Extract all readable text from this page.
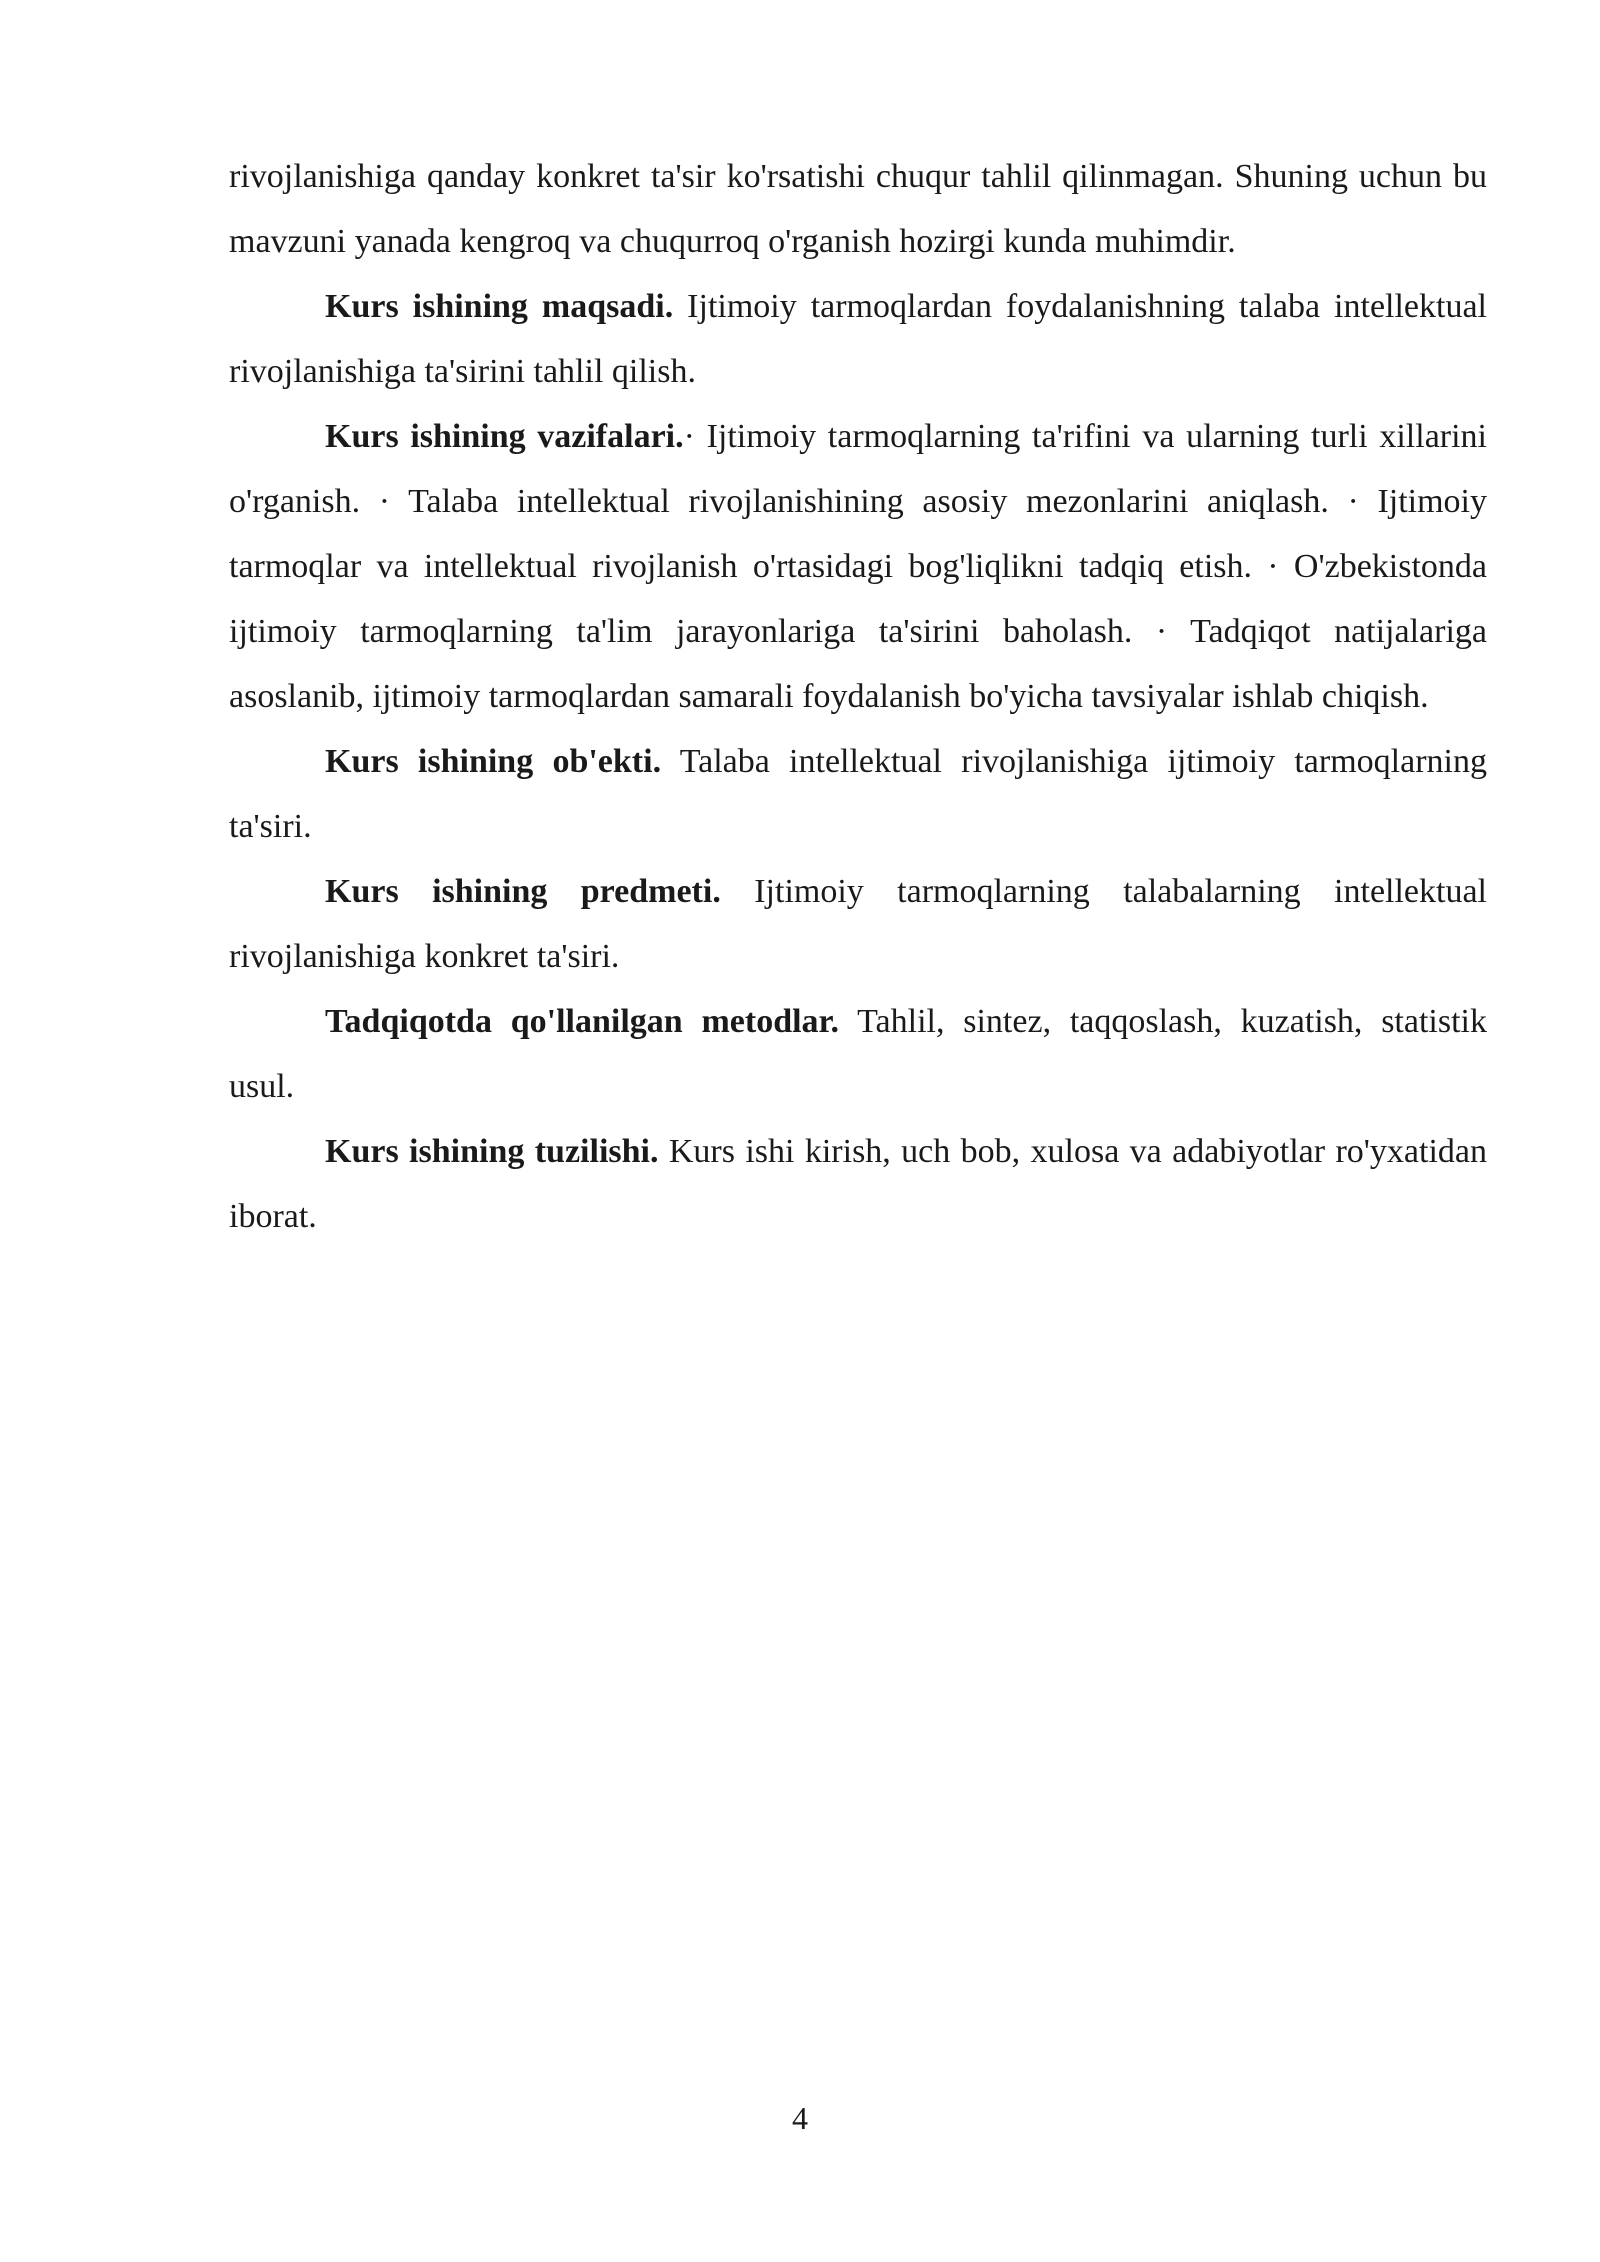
rivojlanishiga qanday konkret ta'sir ko'rsatishi chuqur tahlil qilinmagan. Shuning uchun bu mavzuni yanada kengroq va chuqurroq o'rganish hozirgi kunda muhimdir.

Kurs ishining maqsadi. Ijtimoiy tarmoqlardan foydalanishning talaba intellektual rivojlanishiga ta'sirini tahlil qilish.

Kurs ishining vazifalari.· Ijtimoiy tarmoqlarning ta'rifini va ularning turli xillarini o'rganish. · Talaba intellektual rivojlanishining asosiy mezonlarini aniqlash. · Ijtimoiy tarmoqlar va intellektual rivojlanish o'rtasidagi bog'liqlikni tadqiq etish. · O'zbekistonda ijtimoiy tarmoqlarning ta'lim jarayonlariga ta'sirini baholash. · Tadqiqot natijalariga asoslanib, ijtimoiy tarmoqlardan samarali foydalanish bo'yicha tavsiyalar ishlab chiqish.

Kurs ishining ob'ekti. Talaba intellektual rivojlanishiga ijtimoiy tarmoqlarning ta'siri.

Kurs ishining predmeti. Ijtimoiy tarmoqlarning talabalarning intellektual rivojlanishiga konkret ta'siri.

Tadqiqotda qo'llanilgan metodlar. Tahlil, sintez, taqqoslash, kuzatish, statistik usul.

Kurs ishining tuzilishi. Kurs ishi kirish, uch bob, xulosa va adabiyotlar ro'yxatidan iborat.

4
